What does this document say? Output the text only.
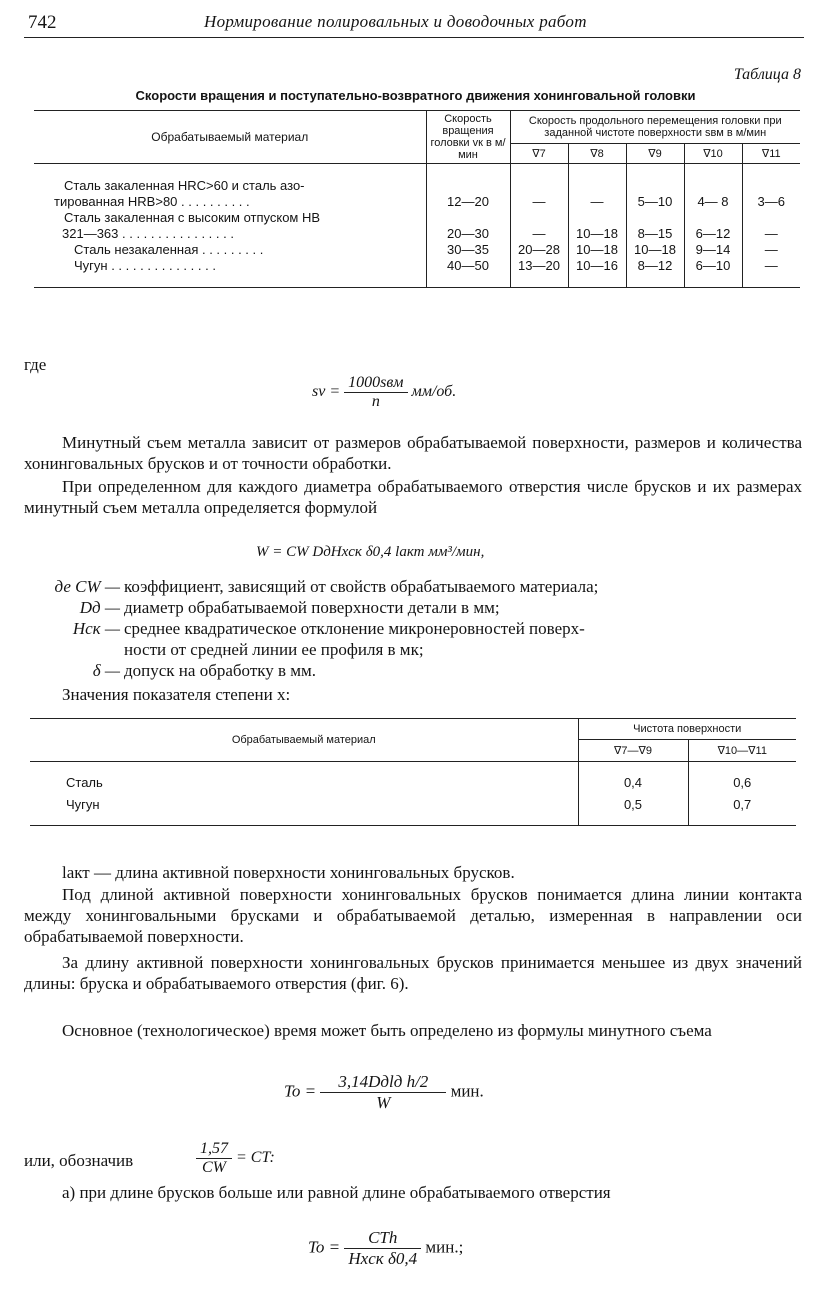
742	Нормирование полировальных и доводочных работ
Таблица 8
Скорости вращения и поступательно-возвратного движения хонинговальной головки
Обрабатываемый материал	Скорость вращения головки vк в м/мин	Скорость продольного перемещения головки при заданной чистоте поверхности sвм в м/мин				
		∇7	∇8	∇9	∇10	∇11

Сталь закаленная HRC>60 и сталь азо-						
тированная HRB>80 . . . . . . . . . .	12—20	—	—	5—10	4— 8	3—6
Сталь закаленная с высоким отпуском HB						
321—363 . . . . . . . . . . . . . . . .	20—30	—	10—18	8—15	6—12	—
Сталь незакаленная . . . . . . . . .	30—35	20—28	10—18	10—18	9—14	—
Чугун . . . . . . . . . . . . . . .	40—50	13—20	10—16	8—12	6—10	—

где
sv = $\frac{\text{1000sвм}}{n} мм/об$.
Минутный съем металла зависит от размеров обрабатываемой поверхности, размеров и количества хонинговальных брусков и от точности обработки.
При определенном для каждого диаметра обрабатываемого отверстия числе брусков и их размерах минутный съем металла определяется формулой
W = CW DдHxск δ0,4 lакт мм³/мин,
де CW — коэффициент, зависящий от свойств обрабатываемого материала;
Dд — диаметр обрабатываемой поверхности детали в мм;
Hск — среднее квадратическое отклонение микронеровностей поверх-
ности от средней линии ее профиля в мк;
δ — допуск на обработку в мм.
Значения показателя степени x:
Обрабатываемый материал	Чистота поверхности	
	∇7—∇9	∇10—∇11

Сталь	0,4	0,6
Чугун	0,5	0,7

lакт — длина активной поверхности хонинговальных брусков.
Под длиной активной поверхности хонинговальных брусков понимается длина линии контакта между хонинговальными брусками и обрабатываемой деталью, измеренная в направлении оси обрабатываемой поверхности.
За длину активной поверхности хонинговальных брусков принимается меньшее из двух значений длины: бруска и обрабатываемого отверстия (фиг. 6).
Основное (технологическое) время может быть определено из формулы минутного съема
$To = \frac{\text{3,14Dдlд h/2}}{W}$ мин.
или, обозначив	$\frac{1,57}{CW}$ = CT:
а) при длине брусков больше или равной длине обрабатываемого отверстия
$To = \frac{\text{CTh}}{\text{Hxск δ0,4}}$ мин.;
